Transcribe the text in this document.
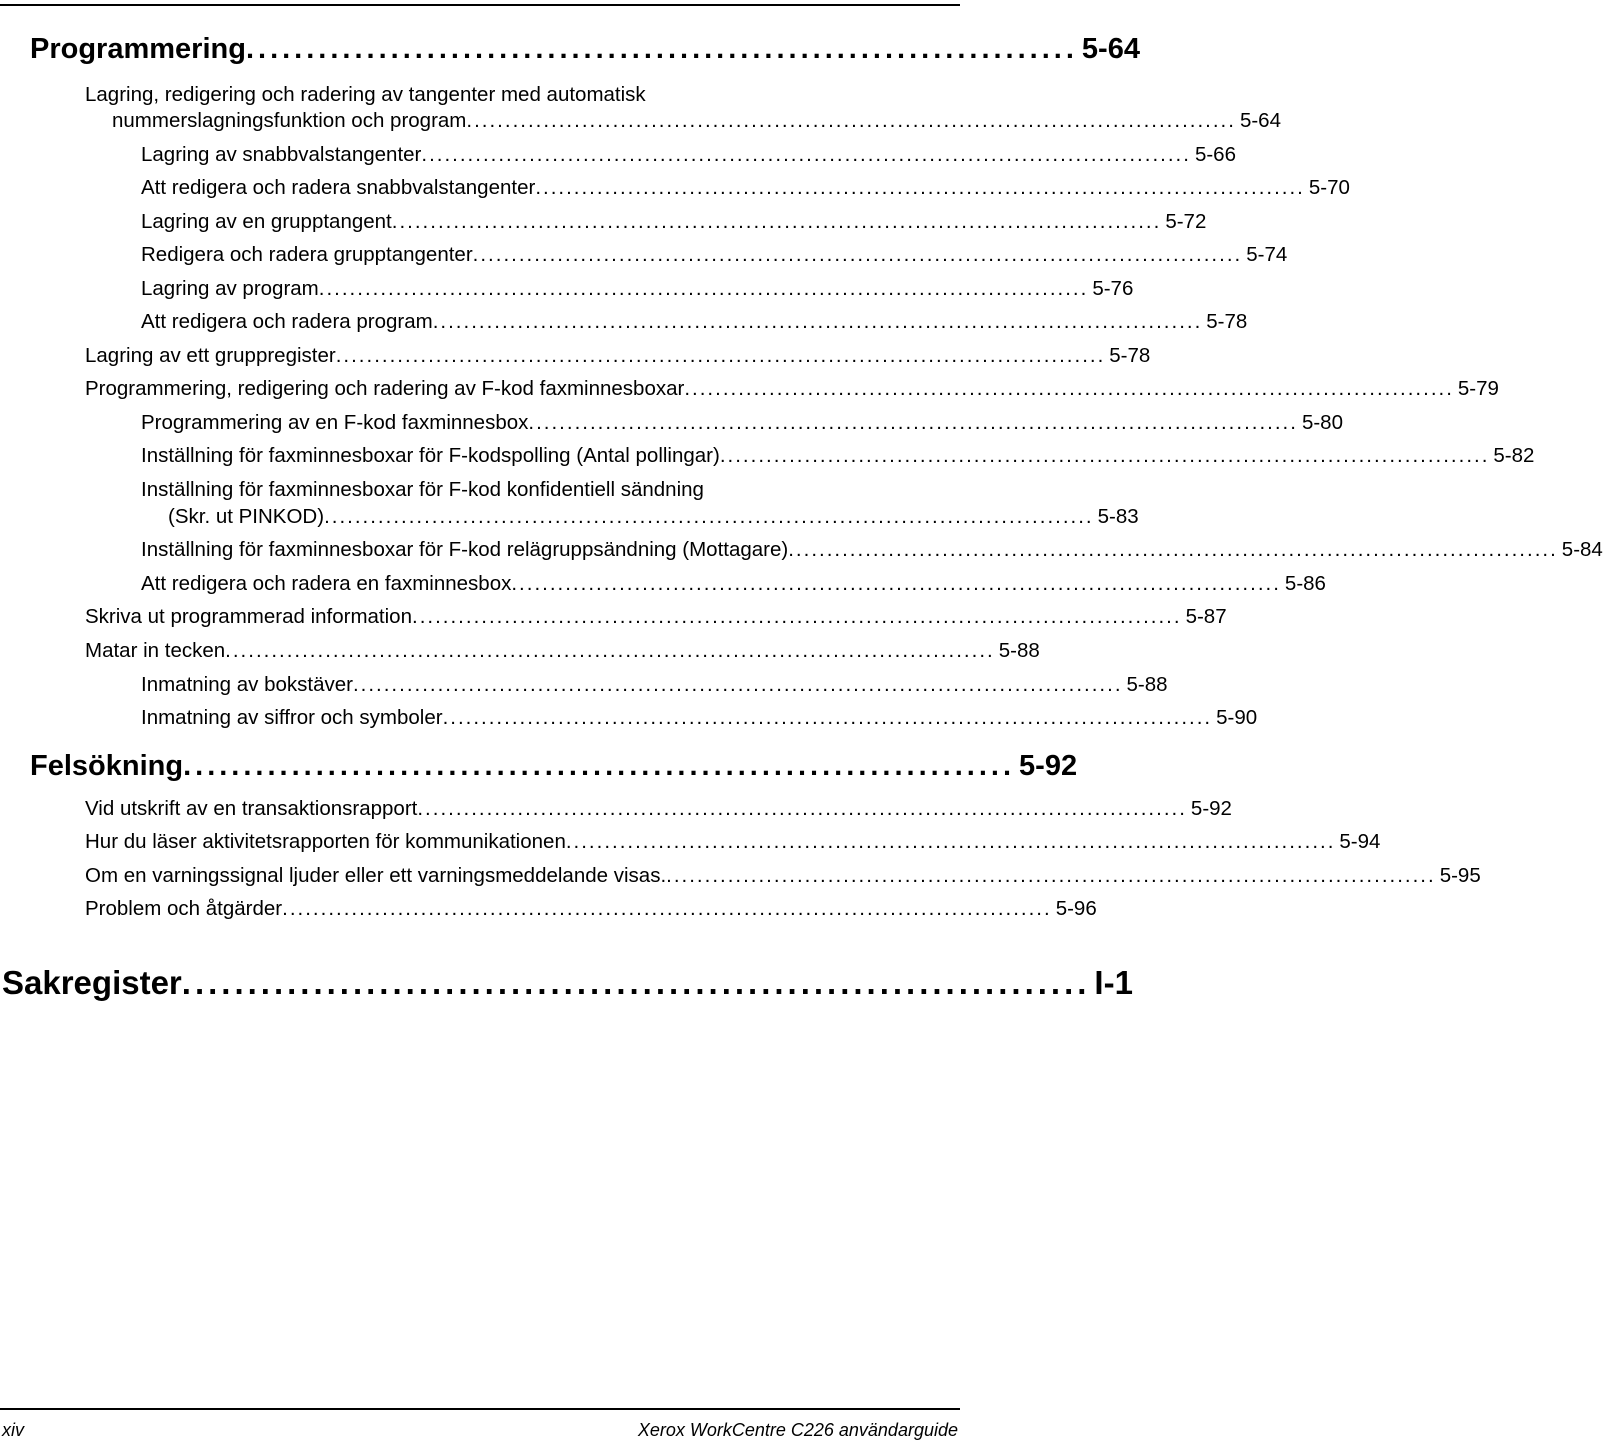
Programmering ..................................................................... 5-64
Lagring, redigering och radering av tangenter med automatisk
nummerslagningsfunktion och program .................................................................................................... 5-64
Lagring av snabbvalstangenter .................................................................................................... 5-66
Att redigera och radera snabbvalstangenter .................................................................................................... 5-70
Lagring av en grupptangent .................................................................................................... 5-72
Redigera och radera grupptangenter .................................................................................................... 5-74
Lagring av program .................................................................................................... 5-76
Att redigera och radera program .................................................................................................... 5-78
Lagring av ett gruppregister .................................................................................................... 5-78
Programmering, redigering och radering av F-kod faxminnesboxar .................................................................................................... 5-79
Programmering av en F-kod faxminnesbox .................................................................................................... 5-80
Inställning för faxminnesboxar för F-kodspolling (Antal pollingar) .................................................................................................... 5-82
Inställning för faxminnesboxar för F-kod konfidentiell sändning
(Skr. ut PINKOD) .................................................................................................... 5-83
Inställning för faxminnesboxar för F-kod relägruppsändning (Mottagare) .................................................................................................... 5-84
Att redigera och radera en faxminnesbox .................................................................................................... 5-86
Skriva ut programmerad information .................................................................................................... 5-87
Matar in tecken .................................................................................................... 5-88
Inmatning av bokstäver .................................................................................................... 5-88
Inmatning av siffror och symboler .................................................................................................... 5-90
Felsökning ..................................................................... 5-92
Vid utskrift av en transaktionsrapport .................................................................................................... 5-92
Hur du läser aktivitetsrapporten för kommunikationen .................................................................................................... 5-94
Om en varningssignal ljuder eller ett varningsmeddelande visas. .................................................................................................... 5-95
Problem och åtgärder .................................................................................................... 5-96
Sakregister ..................................................................... I-1
xiv	Xerox WorkCentre C226 användarguide
